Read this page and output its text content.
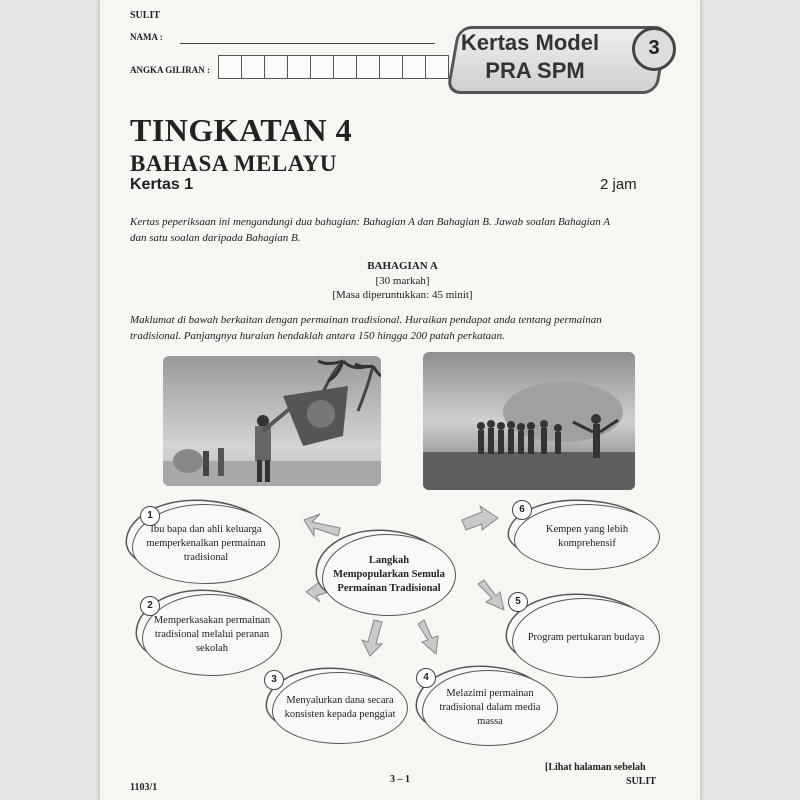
SULIT
NAMA :
ANGKA GILIRAN :
Kertas Model
PRA SPM
3
TINGKATAN 4
BAHASA MELAYU
Kertas 1	2 jam
Kertas peperiksaan ini mengandungi dua bahagian: Bahagian A dan Bahagian B. Jawab soalan Bahagian A
dan satu soalan daripada Bahagian B.
BAHAGIAN A
[30 markah]
[Masa diperuntukkan: 45 minit]
Maklumat di bawah berkaitan dengan permainan tradisional. Huraikan pendapat anda tentang permainan
tradisional. Panjangnya huraian hendaklah antara 150 hingga 200 patah perkataan.
Langkah Mempopularkan Semula Permainan Tradisional
Ibu bapa dan ahli keluarga memperkenalkan permainan tradisional
1
Memperkasakan permainan tradisional melalui peranan sekolah
2
Menyalurkan dana secara konsisten kepada penggiat
3
Melazimi permainan tradisional dalam media massa
4
Program pertukaran budaya
5
Kempen yang lebih komprehensif
6
1103/1
3 – 1
[Lihat halaman sebelah
SULIT
